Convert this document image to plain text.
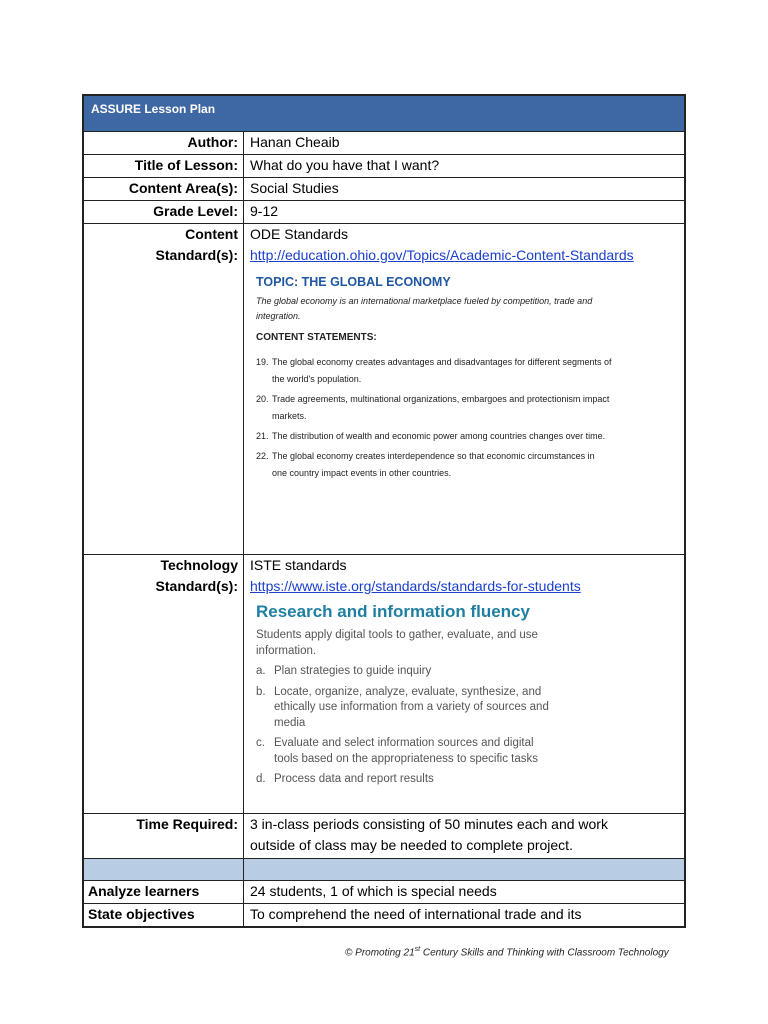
ASSURE Lesson Plan
Author: Hanan Cheaib
Title of Lesson: What do you have that I want?
Content Area(s): Social Studies
Grade Level: 9-12
Content
Standard(s):
ODE Standards
http://education.ohio.gov/Topics/Academic-Content-Standards
TOPIC: THE GLOBAL ECONOMY
The global economy is an international marketplace fueled by competition, trade and integration.
CONTENT STATEMENTS:
19. The global economy creates advantages and disadvantages for different segments of the world's population.
20. Trade agreements, multinational organizations, embargoes and protectionism impact markets.
21. The distribution of wealth and economic power among countries changes over time.
22. The global economy creates interdependence so that economic circumstances in one country impact events in other countries.
Technology
Standard(s):
ISTE standards
https://www.iste.org/standards/standards-for-students
Research and information fluency
Students apply digital tools to gather, evaluate, and use information.
a. Plan strategies to guide inquiry
b. Locate, organize, analyze, evaluate, synthesize, and ethically use information from a variety of sources and media
c. Evaluate and select information sources and digital tools based on the appropriateness to specific tasks
d. Process data and report results
Time Required: 3 in-class periods consisting of 50 minutes each and work
outside of class may be needed to complete project.
Analyze learners	24 students, 1 of which is special needs
State objectives	To comprehend the need of international trade and its
© Promoting 21st Century Skills and Thinking with Classroom Technology
